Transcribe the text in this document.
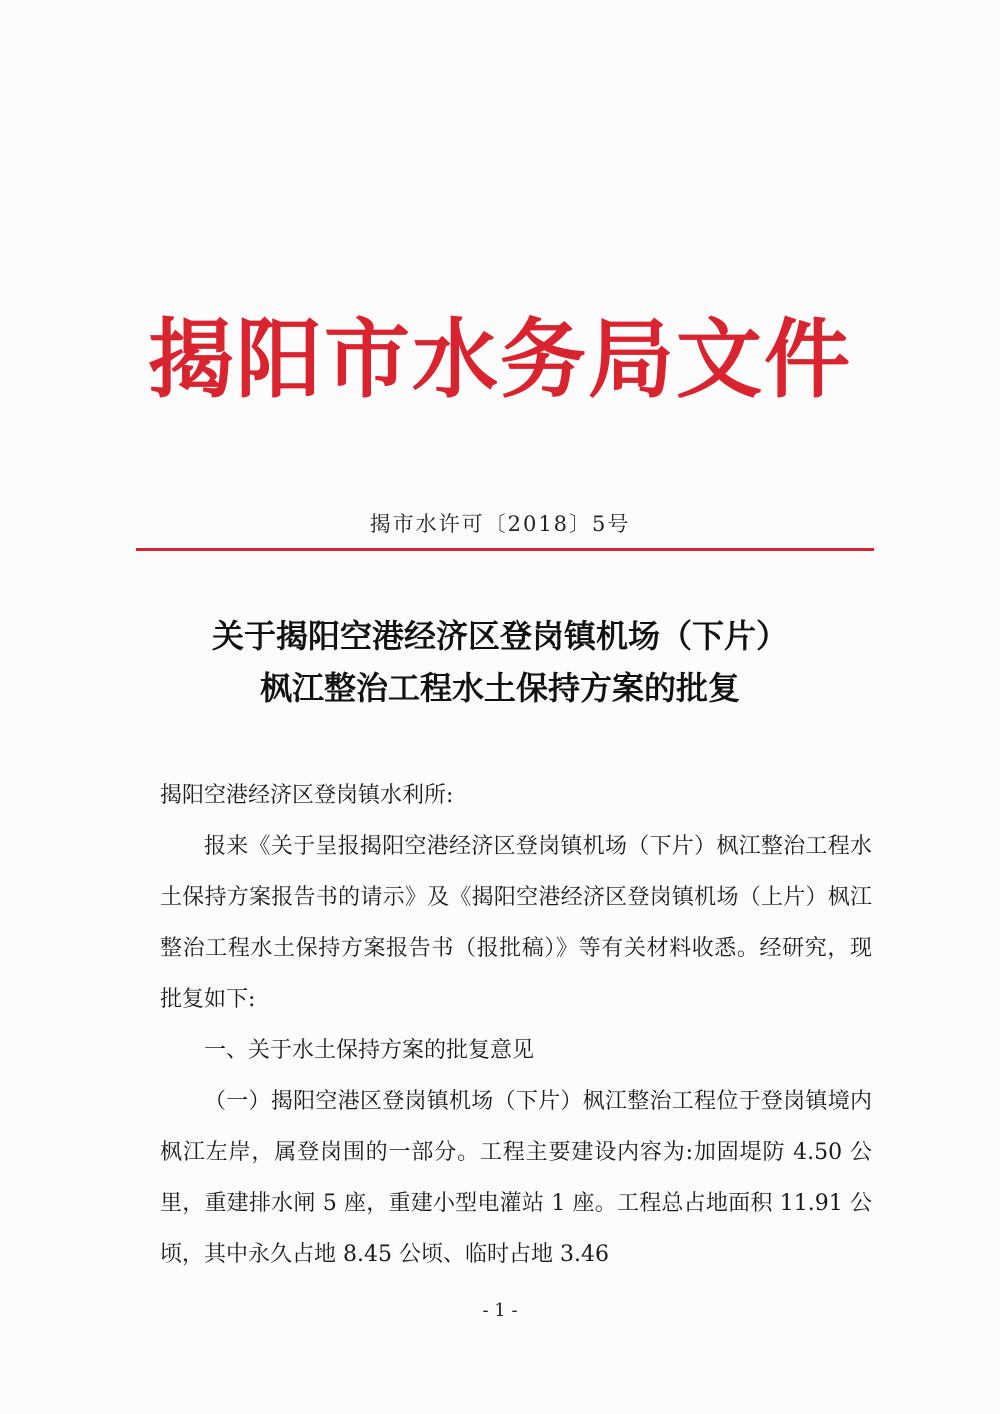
揭阳市水务局文件
揭市水许可〔2018〕5号
关于揭阳空港经济区登岗镇机场（下片）
枫江整治工程水土保持方案的批复

揭阳空港经济区登岗镇水利所:

报来《关于呈报揭阳空港经济区登岗镇机场（下片）枫江整治工程水土保持方案报告书的请示》及《揭阳空港经济区登岗镇机场（上片）枫江整治工程水土保持方案报告书（报批稿）》等有关材料收悉。经研究，现批复如下:

一、关于水土保持方案的批复意见

（一）揭阳空港区登岗镇机场（下片）枫江整治工程位于登岗镇境内枫江左岸，属登岗围的一部分。工程主要建设内容为:加固堤防 4.50 公里，重建排水闸 5 座，重建小型电灌站 1 座。工程总占地面积 11.91 公顷，其中永久占地 8.45 公顷、临时占地 3.46

- 1 -
